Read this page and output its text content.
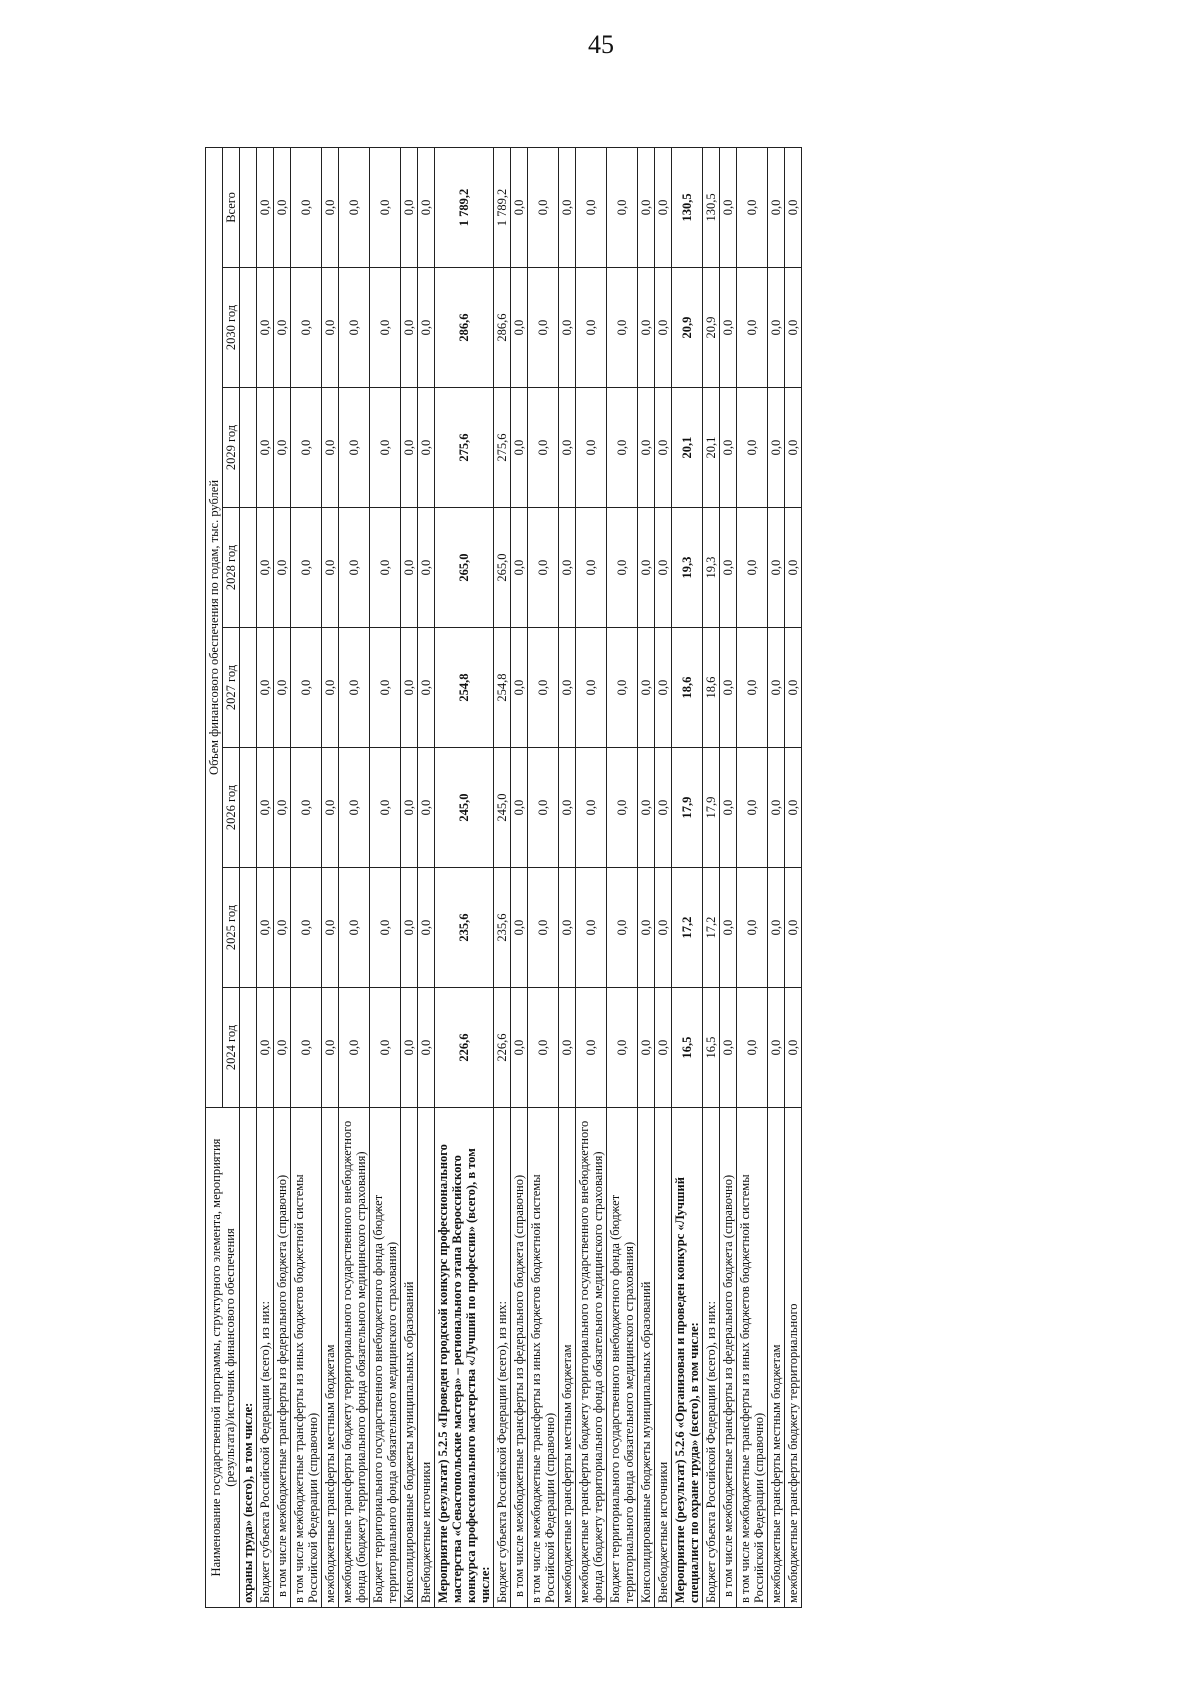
45
Наименование государственной программы, структурного элемента, мероприятия (результата)/источник финансового обеспечения	Объем финансового обеспечения по годам, тыс. рублей							
	2024 год	2025 год	2026 год	2027 год	2028 год	2029 год	2030 год	Всего
охраны труда» (всего), в том числе:								
Бюджет субъекта Российской Федерации (всего), из них:	0,0	0,0	0,0	0,0	0,0	0,0	0,0	0,0
в том числе межбюджетные трансферты из федерального бюджета (справочно)	0,0	0,0	0,0	0,0	0,0	0,0	0,0	0,0
в том числе межбюджетные трансферты из иных бюджетов бюджетной системы Российской Федерации (справочно)	0,0	0,0	0,0	0,0	0,0	0,0	0,0	0,0
межбюджетные трансферты местным бюджетам	0,0	0,0	0,0	0,0	0,0	0,0	0,0	0,0
межбюджетные трансферты бюджету территориального государственного внебюджетного фонда (бюджету территориального фонда обязательного медицинского страхования)	0,0	0,0	0,0	0,0	0,0	0,0	0,0	0,0
Бюджет территориального государственного внебюджетного фонда (бюджет территориального фонда обязательного медицинского страхования)	0,0	0,0	0,0	0,0	0,0	0,0	0,0	0,0
Консолидированные бюджеты муниципальных образований	0,0	0,0	0,0	0,0	0,0	0,0	0,0	0,0
Внебюджетные источники	0,0	0,0	0,0	0,0	0,0	0,0	0,0	0,0
Мероприятие (результат) 5.2.5 «Проведен городской конкурс профессионального мастерства «Севастопольские мастера» – регионального этапа Всероссийского конкурса профессионального мастерства «Лучший по профессии» (всего), в том числе:	226,6	235,6	245,0	254,8	265,0	275,6	286,6	1 789,2
Бюджет субъекта Российской Федерации (всего), из них:	226,6	235,6	245,0	254,8	265,0	275,6	286,6	1 789,2
в том числе межбюджетные трансферты из федерального бюджета (справочно)	0,0	0,0	0,0	0,0	0,0	0,0	0,0	0,0
в том числе межбюджетные трансферты из иных бюджетов бюджетной системы Российской Федерации (справочно)	0,0	0,0	0,0	0,0	0,0	0,0	0,0	0,0
межбюджетные трансферты местным бюджетам	0,0	0,0	0,0	0,0	0,0	0,0	0,0	0,0
межбюджетные трансферты бюджету территориального государственного внебюджетного фонда (бюджету территориального фонда обязательного медицинского страхования)	0,0	0,0	0,0	0,0	0,0	0,0	0,0	0,0
Бюджет территориального государственного внебюджетного фонда (бюджет территориального фонда обязательного медицинского страхования)	0,0	0,0	0,0	0,0	0,0	0,0	0,0	0,0
Консолидированные бюджеты муниципальных образований	0,0	0,0	0,0	0,0	0,0	0,0	0,0	0,0
Внебюджетные источники	0,0	0,0	0,0	0,0	0,0	0,0	0,0	0,0
Мероприятие (результат) 5.2.6 «Организован и проведен конкурс «Лучший специалист по охране труда» (всего), в том числе:	16,5	17,2	17,9	18,6	19,3	20,1	20,9	130,5
Бюджет субъекта Российской Федерации (всего), из них:	16,5	17,2	17,9	18,6	19,3	20,1	20,9	130,5
в том числе межбюджетные трансферты из федерального бюджета (справочно)	0,0	0,0	0,0	0,0	0,0	0,0	0,0	0,0
в том числе межбюджетные трансферты из иных бюджетов бюджетной системы Российской Федерации (справочно)	0,0	0,0	0,0	0,0	0,0	0,0	0,0	0,0
межбюджетные трансферты местным бюджетам	0,0	0,0	0,0	0,0	0,0	0,0	0,0	0,0
межбюджетные трансферты бюджету территориального	0,0	0,0	0,0	0,0	0,0	0,0	0,0	0,0
